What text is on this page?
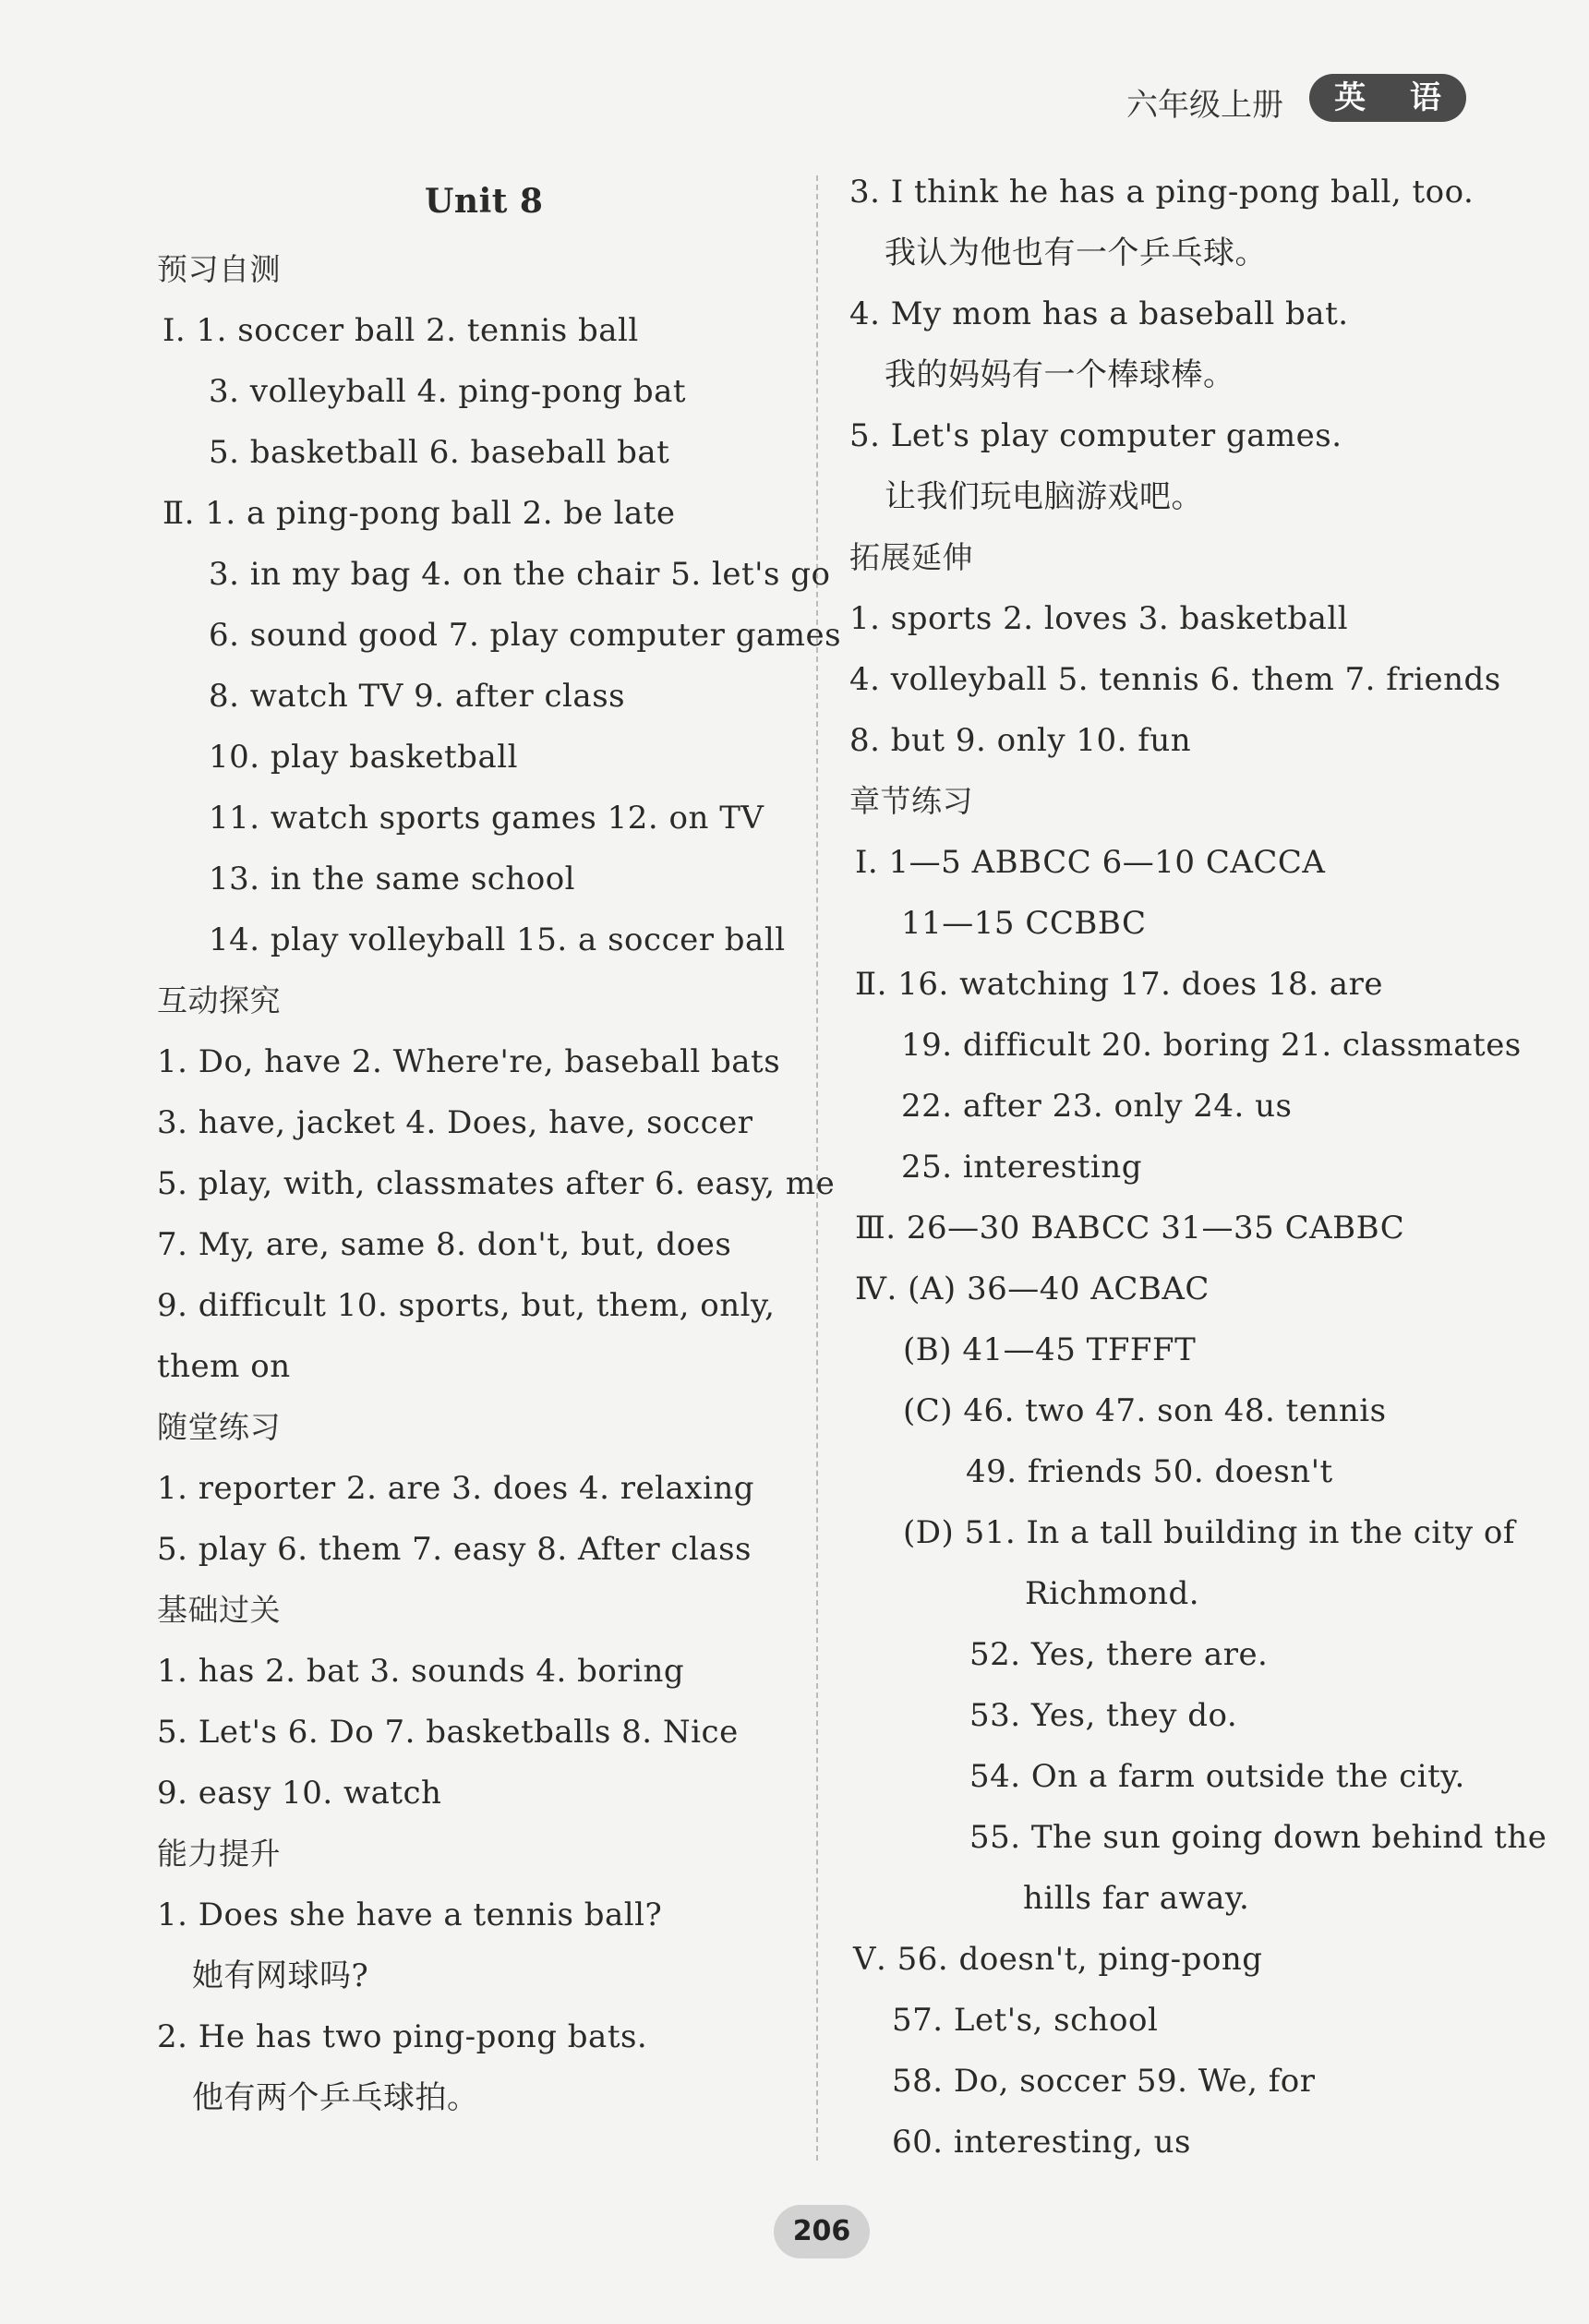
六年级上册	英 语
Unit 8
预习自测
Ⅰ. 1. soccer ball 2. tennis ball
3. volleyball 4. ping-pong bat
5. basketball 6. baseball bat
Ⅱ. 1. a ping-pong ball 2. be late
3. in my bag 4. on the chair 5. let's go
6. sound good 7. play computer games
8. watch TV 9. after class
10. play basketball
11. watch sports games 12. on TV
13. in the same school
14. play volleyball 15. a soccer ball
互动探究
1. Do, have 2. Where're, baseball bats
3. have, jacket 4. Does, have, soccer
5. play, with, classmates after 6. easy, me
7. My, are, same 8. don't, but, does
9. difficult 10. sports, but, them, only,
them on
随堂练习
1. reporter 2. are 3. does 4. relaxing
5. play 6. them 7. easy 8. After class
基础过关
1. has 2. bat 3. sounds 4. boring
5. Let's 6. Do 7. basketballs 8. Nice
9. easy 10. watch
能力提升
1. Does she have a tennis ball?
她有网球吗?
2. He has two ping-pong bats.
他有两个乒乓球拍。
3. I think he has a ping-pong ball, too.
我认为他也有一个乒乓球。
4. My mom has a baseball bat.
我的妈妈有一个棒球棒。
5. Let's play computer games.
让我们玩电脑游戏吧。
拓展延伸
1. sports 2. loves 3. basketball
4. volleyball 5. tennis 6. them 7. friends
8. but 9. only 10. fun
章节练习
Ⅰ. 1—5 ABBCC 6—10 CACCA
11—15 CCBBC
Ⅱ. 16. watching 17. does 18. are
19. difficult 20. boring 21. classmates
22. after 23. only 24. us
25. interesting
Ⅲ. 26—30 BABCC 31—35 CABBC
Ⅳ. (A) 36—40 ACBAC
(B) 41—45 TFFFT
(C) 46. two 47. son 48. tennis
49. friends 50. doesn't
(D) 51. In a tall building in the city of
Richmond.
52. Yes, there are.
53. Yes, they do.
54. On a farm outside the city.
55. The sun going down behind the
hills far away.
Ⅴ. 56. doesn't, ping-pong
57. Let's, school
58. Do, soccer 59. We, for
60. interesting, us
206
